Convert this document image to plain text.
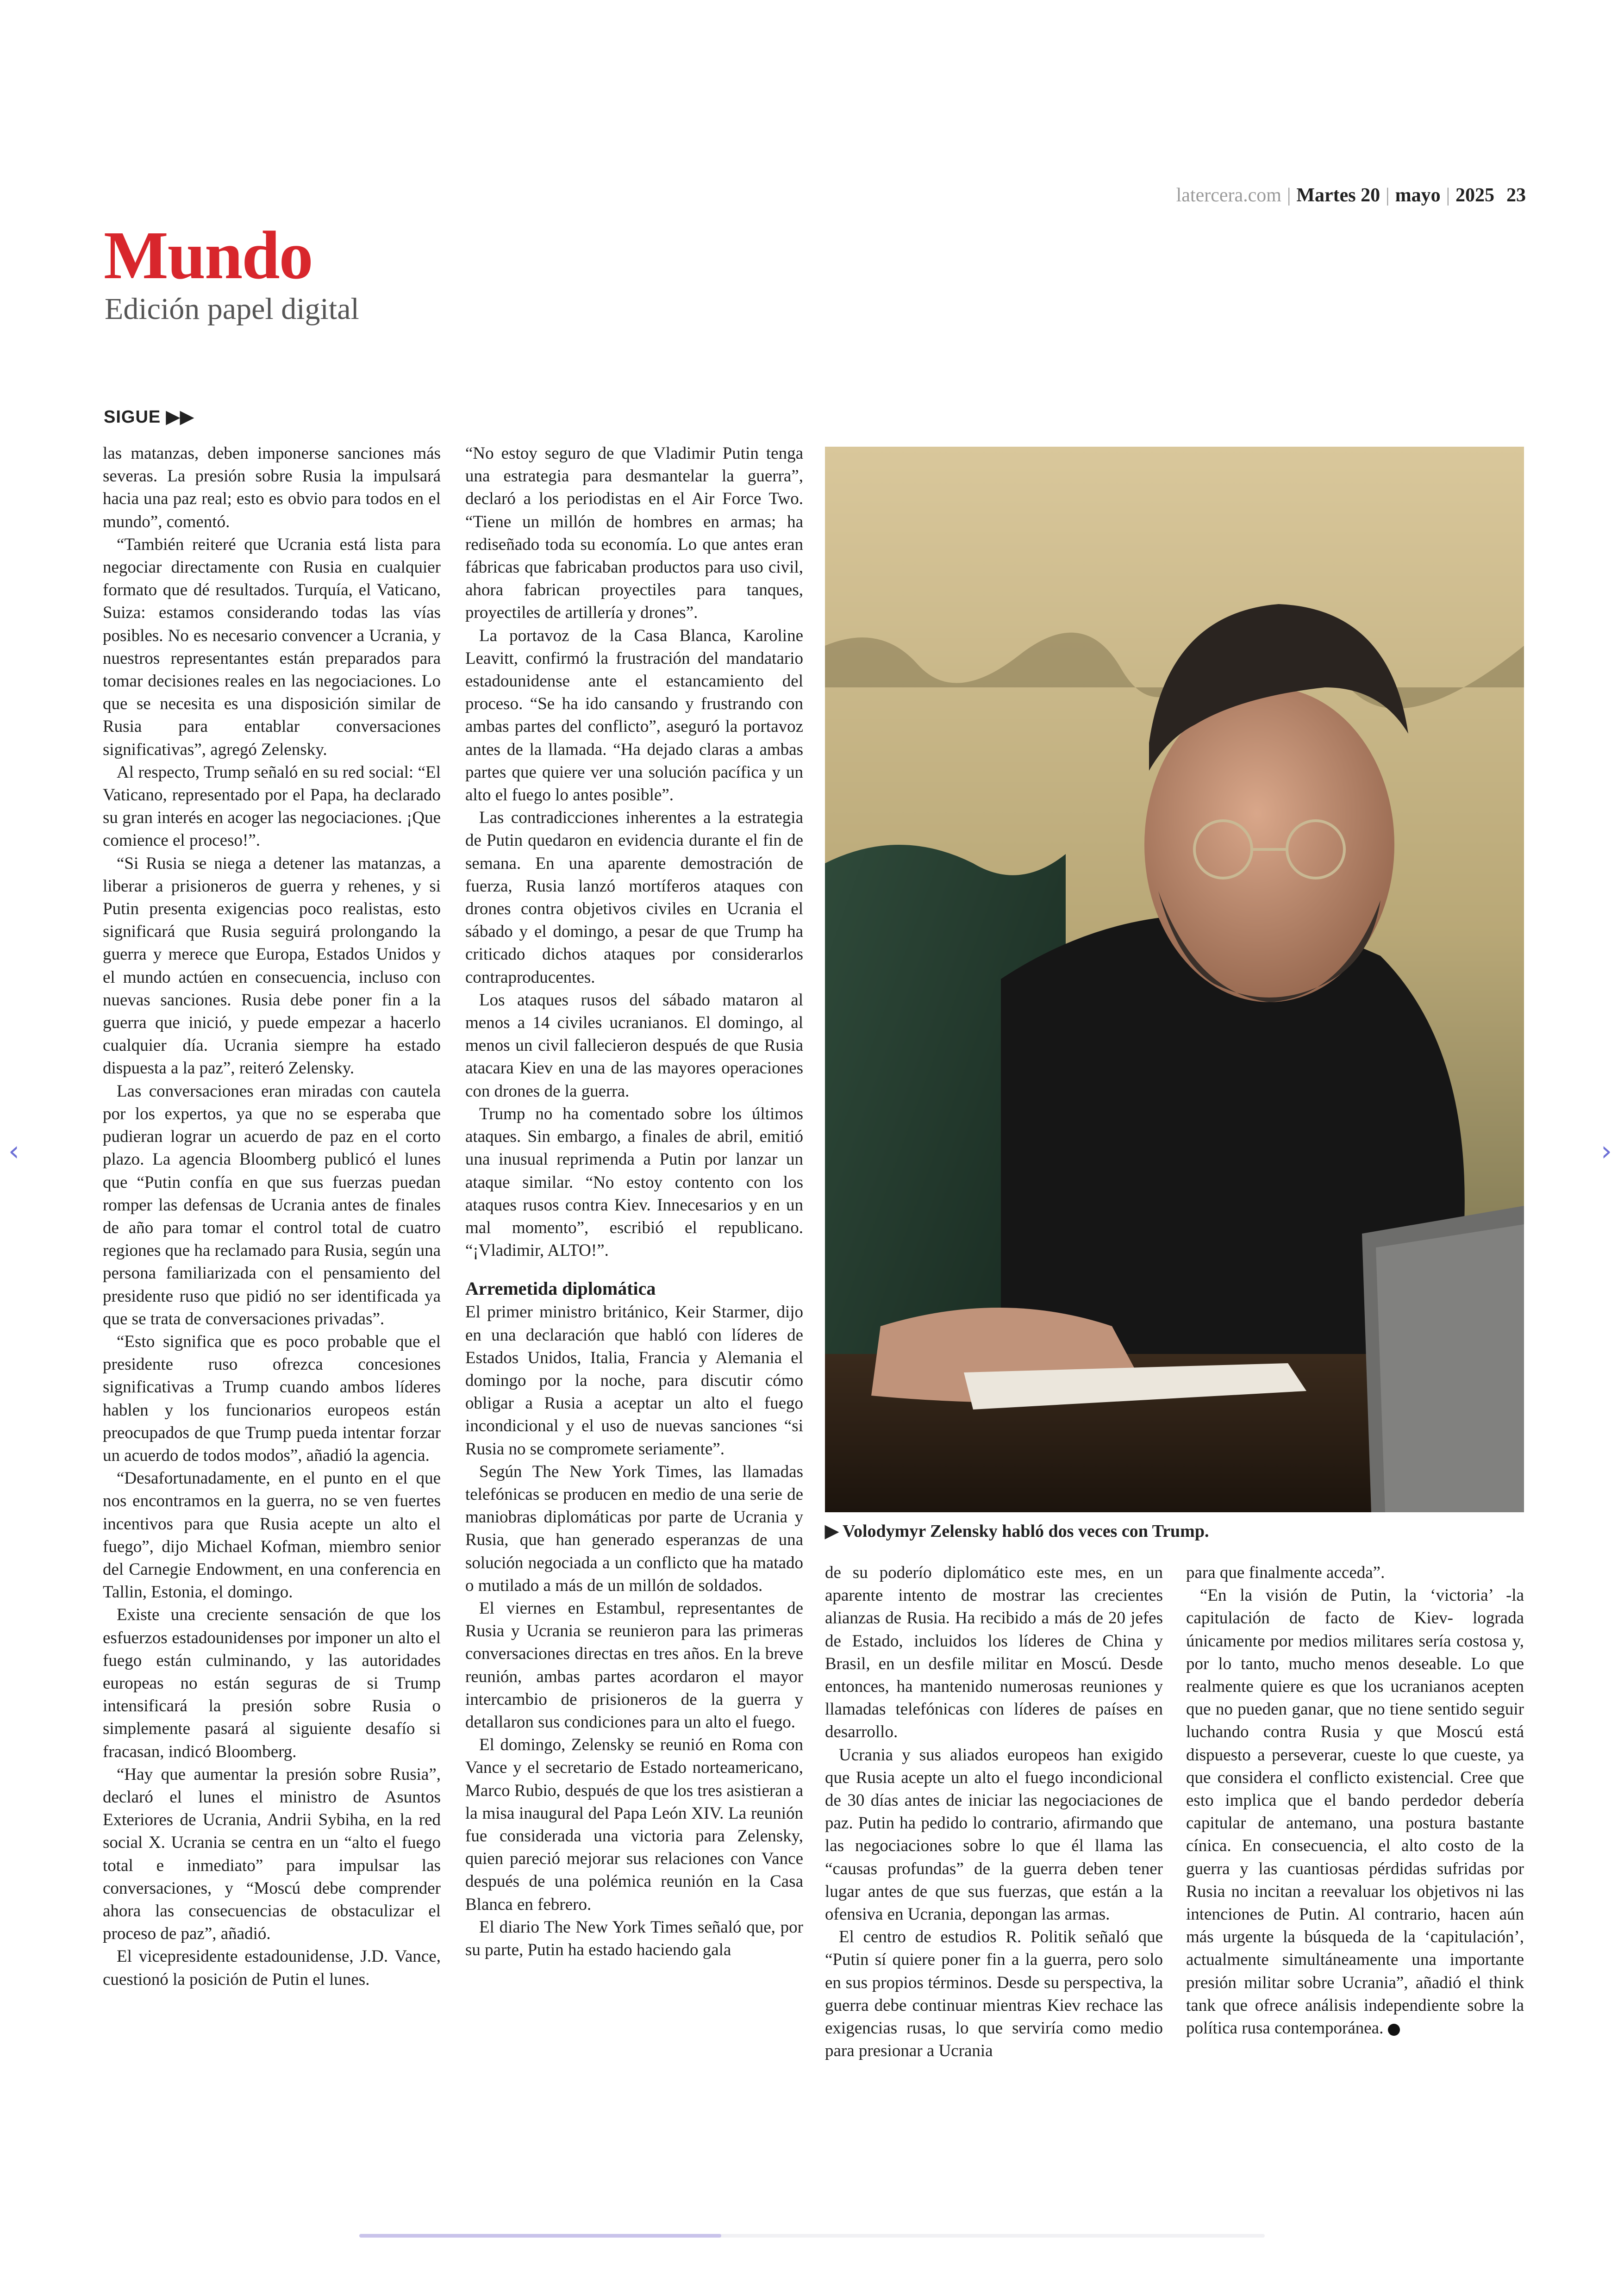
latercera.com | Martes 20 | mayo | 2025 23
Mundo
Edición papel digital
SIGUE ▶▶

las matanzas, deben imponerse sanciones más severas. La presión sobre Rusia la impulsará hacia una paz real; esto es obvio para todos en el mundo”, comentó.

“También reiteré que Ucrania está lista para negociar directamente con Rusia en cualquier formato que dé resultados. Turquía, el Vaticano, Suiza: estamos considerando todas las vías posibles. No es necesario convencer a Ucrania, y nuestros representantes están preparados para tomar decisiones reales en las negociaciones. Lo que se necesita es una disposición similar de Rusia para entablar conversaciones significativas”, agregó Zelensky.

Al respecto, Trump señaló en su red social: “El Vaticano, representado por el Papa, ha declarado su gran interés en acoger las negociaciones. ¡Que comience el proceso!”.

“Si Rusia se niega a detener las matanzas, a liberar a prisioneros de guerra y rehenes, y si Putin presenta exigencias poco realistas, esto significará que Rusia seguirá prolongando la guerra y merece que Europa, Estados Unidos y el mundo actúen en consecuencia, incluso con nuevas sanciones. Rusia debe poner fin a la guerra que inició, y puede empezar a hacerlo cualquier día. Ucrania siempre ha estado dispuesta a la paz”, reiteró Zelensky.

Las conversaciones eran miradas con cautela por los expertos, ya que no se esperaba que pudieran lograr un acuerdo de paz en el corto plazo. La agencia Bloomberg publicó el lunes que “Putin confía en que sus fuerzas puedan romper las defensas de Ucrania antes de finales de año para tomar el control total de cuatro regiones que ha reclamado para Rusia, según una persona familiarizada con el pensamiento del presidente ruso que pidió no ser identificada ya que se trata de conversaciones privadas”.

“Esto significa que es poco probable que el presidente ruso ofrezca concesiones significativas a Trump cuando ambos líderes hablen y los funcionarios europeos están preocupados de que Trump pueda intentar forzar un acuerdo de todos modos”, añadió la agencia.

“Desafortunadamente, en el punto en el que nos encontramos en la guerra, no se ven fuertes incentivos para que Rusia acepte un alto el fuego”, dijo Michael Kofman, miembro senior del Carnegie Endowment, en una conferencia en Tallin, Estonia, el domingo.

Existe una creciente sensación de que los esfuerzos estadounidenses por imponer un alto el fuego están culminando, y las autoridades europeas no están seguras de si Trump intensificará la presión sobre Rusia o simplemente pasará al siguiente desafío si fracasan, indicó Bloomberg.

“Hay que aumentar la presión sobre Rusia”, declaró el lunes el ministro de Asuntos Exteriores de Ucrania, Andrii Sybiha, en la red social X. Ucrania se centra en un “alto el fuego total e inmediato” para impulsar las conversaciones, y “Moscú debe comprender ahora las consecuencias de obstaculizar el proceso de paz”, añadió.

El vicepresidente estadounidense, J.D. Vance, cuestionó la posición de Putin el lunes.

“No estoy seguro de que Vladimir Putin tenga una estrategia para desmantelar la guerra”, declaró a los periodistas en el Air Force Two. “Tiene un millón de hombres en armas; ha rediseñado toda su economía. Lo que antes eran fábricas que fabricaban productos para uso civil, ahora fabrican proyectiles para tanques, proyectiles de artillería y drones”.

La portavoz de la Casa Blanca, Karoline Leavitt, confirmó la frustración del mandatario estadounidense ante el estancamiento del proceso. “Se ha ido cansando y frustrando con ambas partes del conflicto”, aseguró la portavoz antes de la llamada. “Ha dejado claras a ambas partes que quiere ver una solución pacífica y un alto el fuego lo antes posible”.

Las contradicciones inherentes a la estrategia de Putin quedaron en evidencia durante el fin de semana. En una aparente demostración de fuerza, Rusia lanzó mortíferos ataques con drones contra objetivos civiles en Ucrania el sábado y el domingo, a pesar de que Trump ha criticado dichos ataques por considerarlos contraproducentes.

Los ataques rusos del sábado mataron al menos a 14 civiles ucranianos. El domingo, al menos un civil fallecieron después de que Rusia atacara Kiev en una de las mayores operaciones con drones de la guerra.

Trump no ha comentado sobre los últimos ataques. Sin embargo, a finales de abril, emitió una inusual reprimenda a Putin por lanzar un ataque similar. “No estoy contento con los ataques rusos contra Kiev. Innecesarios y en un mal momento”, escribió el republicano. “¡Vladimir, ALTO!”.

Arremetida diplomática

El primer ministro británico, Keir Starmer, dijo en una declaración que habló con líderes de Estados Unidos, Italia, Francia y Alemania el domingo por la noche, para discutir cómo obligar a Rusia a aceptar un alto el fuego incondicional y el uso de nuevas sanciones “si Rusia no se compromete seriamente”.

Según The New York Times, las llamadas telefónicas se producen en medio de una serie de maniobras diplomáticas por parte de Ucrania y Rusia, que han generado esperanzas de una solución negociada a un conflicto que ha matado o mutilado a más de un millón de soldados.

El viernes en Estambul, representantes de Rusia y Ucrania se reunieron para las primeras conversaciones directas en tres años. En la breve reunión, ambas partes acordaron el mayor intercambio de prisioneros de la guerra y detallaron sus condiciones para un alto el fuego.

El domingo, Zelensky se reunió en Roma con Vance y el secretario de Estado norteamericano, Marco Rubio, después de que los tres asistieran a la misa inaugural del Papa León XIV. La reunión fue considerada una victoria para Zelensky, quien pareció mejorar sus relaciones con Vance después de una polémica reunión en la Casa Blanca en febrero.

El diario The New York Times señaló que, por su parte, Putin ha estado haciendo gala

▶ Volodymyr Zelensky habló dos veces con Trump.

de su poderío diplomático este mes, en un aparente intento de mostrar las crecientes alianzas de Rusia. Ha recibido a más de 20 jefes de Estado, incluidos los líderes de China y Brasil, en un desfile militar en Moscú. Desde entonces, ha mantenido numerosas reuniones y llamadas telefónicas con líderes de países en desarrollo.

Ucrania y sus aliados europeos han exigido que Rusia acepte un alto el fuego incondicional de 30 días antes de iniciar las negociaciones de paz. Putin ha pedido lo contrario, afirmando que las negociaciones sobre lo que él llama las “causas profundas” de la guerra deben tener lugar antes de que sus fuerzas, que están a la ofensiva en Ucrania, depongan las armas.

El centro de estudios R. Politik señaló que “Putin sí quiere poner fin a la guerra, pero solo en sus propios términos. Desde su perspectiva, la guerra debe continuar mientras Kiev rechace las exigencias rusas, lo que serviría como medio para presionar a Ucrania

para que finalmente acceda”.

“En la visión de Putin, la ‘victoria’ -la capitulación de facto de Kiev- lograda únicamente por medios militares sería costosa y, por lo tanto, mucho menos deseable. Lo que realmente quiere es que los ucranianos acepten que no pueden ganar, que no tiene sentido seguir luchando contra Rusia y que Moscú está dispuesto a perseverar, cueste lo que cueste, ya que considera el conflicto existencial. Cree que esto implica que el bando perdedor debería capitular de antemano, una postura bastante cínica. En consecuencia, el alto costo de la guerra y las cuantiosas pérdidas sufridas por Rusia no incitan a reevaluar los objetivos ni las intenciones de Putin. Al contrario, hacen aún más urgente la búsqueda de la ‘capitulación’, actualmente simultáneamente una importante presión militar sobre Ucrania”, añadió el think tank que ofrece análisis independiente sobre la política rusa contemporánea.

‹	›
